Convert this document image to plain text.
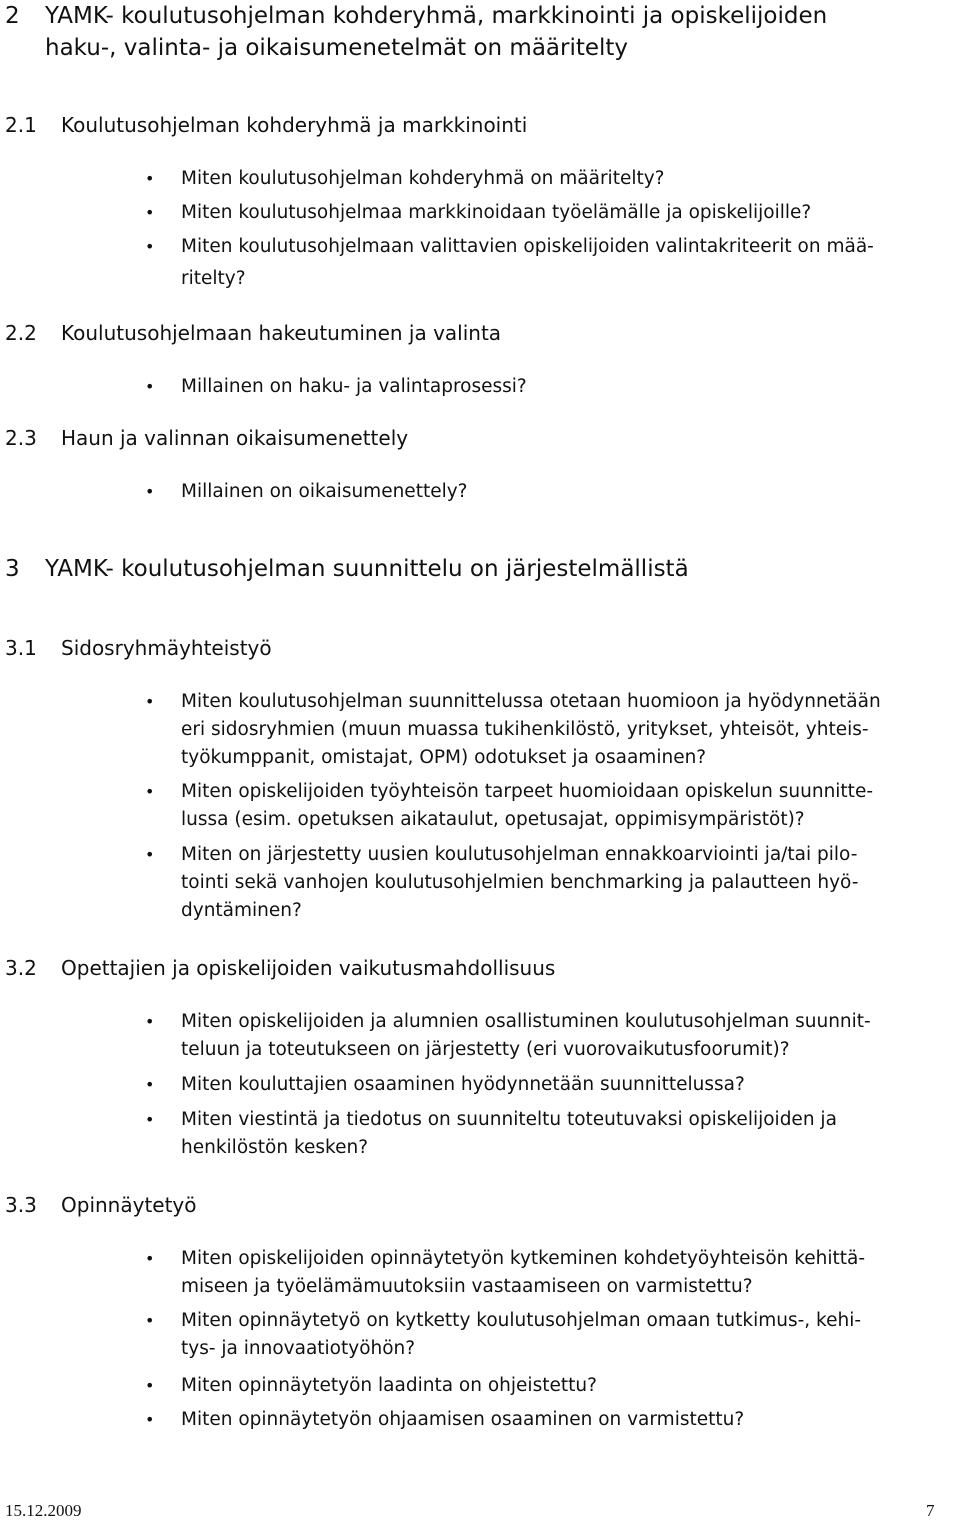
2 YAMK- koulutusohjelman kohderyhmä, markkinointi ja opiskelijoiden
haku-, valinta- ja oikaisumenetelmät on määritelty
2.1 Koulutusohjelman kohderyhmä ja markkinointi
• Miten koulutusohjelman kohderyhmä on määritelty?
• Miten koulutusohjelmaa markkinoidaan työelämälle ja opiskelijoille?
• Miten koulutusohjelmaan valittavien opiskelijoiden valintakriteerit on mää-
ritelty?
2.2 Koulutusohjelmaan hakeutuminen ja valinta
• Millainen on haku- ja valintaprosessi?
2.3 Haun ja valinnan oikaisumenettely
• Millainen on oikaisumenettely?
3 YAMK- koulutusohjelman suunnittelu on järjestelmällistä
3.1 Sidosryhmäyhteistyö
• Miten koulutusohjelman suunnittelussa otetaan huomioon ja hyödynnetään
eri sidosryhmien (muun muassa tukihenkilöstö, yritykset, yhteisöt, yhteis-
työkumppanit, omistajat, OPM) odotukset ja osaaminen?
• Miten opiskelijoiden työyhteisön tarpeet huomioidaan opiskelun suunnitte-
lussa (esim. opetuksen aikataulut, opetusajat, oppimisympäristöt)?
• Miten on järjestetty uusien koulutusohjelman ennakkoarviointi ja/tai pilo-
tointi sekä vanhojen koulutusohjelmien benchmarking ja palautteen hyö-
dyntäminen?
3.2 Opettajien ja opiskelijoiden vaikutusmahdollisuus
• Miten opiskelijoiden ja alumnien osallistuminen koulutusohjelman suunnit-
teluun ja toteutukseen on järjestetty (eri vuorovaikutusfoorumit)?
• Miten kouluttajien osaaminen hyödynnetään suunnittelussa?
• Miten viestintä ja tiedotus on suunniteltu toteutuvaksi opiskelijoiden ja
henkilöstön kesken?
3.3 Opinnäytetyö
• Miten opiskelijoiden opinnäytetyön kytkeminen kohdetyöyhteisön kehittä-
miseen ja työelämämuutoksiin vastaamiseen on varmistettu?
• Miten opinnäytetyö on kytketty koulutusohjelman omaan tutkimus-, kehi-
tys- ja innovaatiotyöhön?
• Miten opinnäytetyön laadinta on ohjeistettu?
• Miten opinnäytetyön ohjaamisen osaaminen on varmistettu?
15.12.2009	7
